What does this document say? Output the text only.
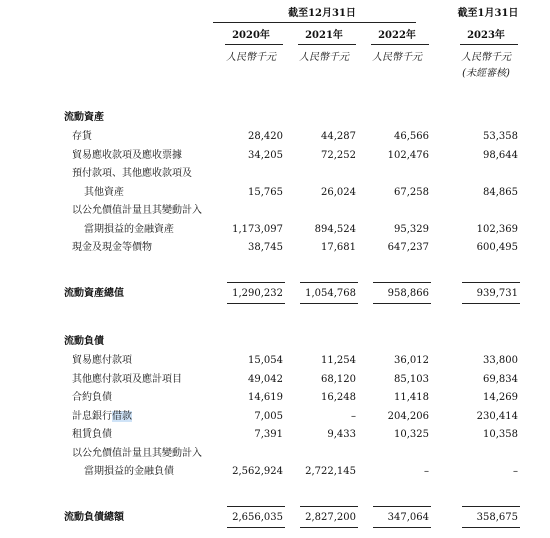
截至12月31日	截至1月31日
2020年	2021年	2022年	2023年
人民幣千元	人民幣千元	人民幣千元	人民幣千元
(未經審核)
流動資產
存貨	28,420	44,287	46,566	53,358
貿易應收款項及應收票據	34,205	72,252	102,476	98,644
預付款項、其他應收款項及
其他資產	15,765	26,024	67,258	84,865
以公允價值計量且其變動計入
當期損益的金融資產	1,173,097	894,524	95,329	102,369
現金及現金等價物	38,745	17,681	647,237	600,495
流動資產總值	1,290,232	1,054,768	958,866	939,731
流動負債
貿易應付款項	15,054	11,254	36,012	33,800
其他應付款項及應計項目	49,042	68,120	85,103	69,834
合約負債	14,619	16,248	11,418	14,269
計息銀行借款	7,005	–	204,206	230,414
租賃負債	7,391	9,433	10,325	10,358
以公允價值計量且其變動計入
當期損益的金融負債	2,562,924	2,722,145	–	–
流動負債總額	2,656,035	2,827,200	347,064	358,675
